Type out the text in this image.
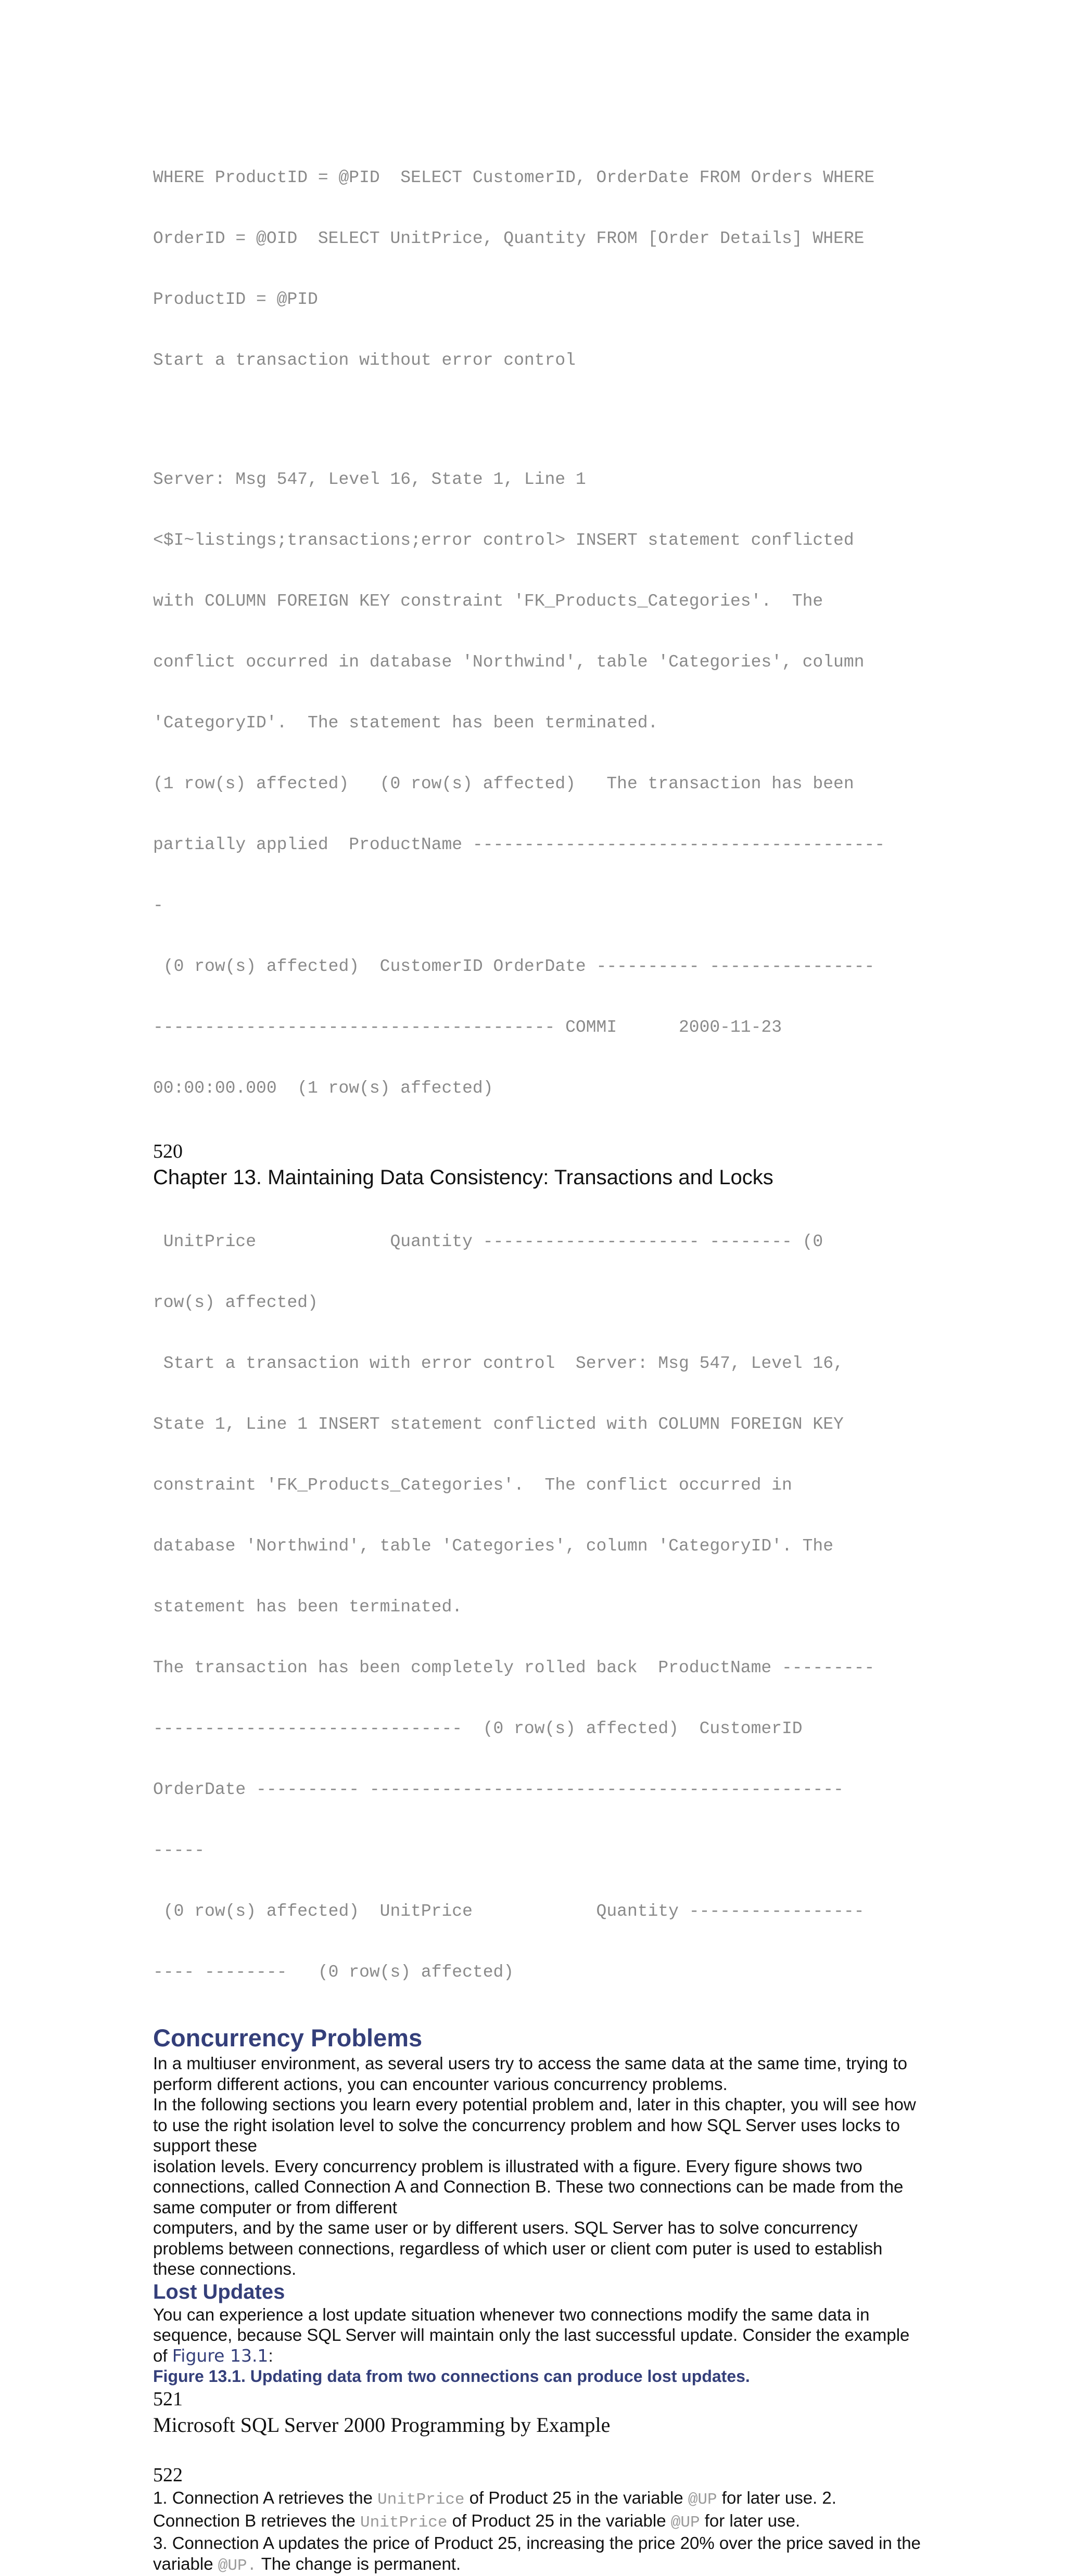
WHERE ProductID = @PID  SELECT CustomerID, OrderDate FROM Orders WHERE

OrderID = @OID  SELECT UnitPrice, Quantity FROM [Order Details] WHERE

ProductID = @PID

Start a transaction without error control

Server: Msg 547, Level 16, State 1, Line 1

<$I~listings;transactions;error control> INSERT statement conflicted

with COLUMN FOREIGN KEY constraint 'FK_Products_Categories'.  The

conflict occurred in database 'Northwind', table 'Categories', column

'CategoryID'.  The statement has been terminated.

(1 row(s) affected)   (0 row(s) affected)   The transaction has been

partially applied  ProductName ----------------------------------------

-

(0 row(s) affected)  CustomerID OrderDate ---------- ----------------

--------------------------------------- COMMI      2000-11-23

00:00:00.000  (1 row(s) affected)

520
Chapter 13. Maintaining Data Consistency: Transactions and Locks

UnitPrice             Quantity --------------------- -------- (0

row(s) affected)

Start a transaction with error control  Server: Msg 547, Level 16,

State 1, Line 1 INSERT statement conflicted with COLUMN FOREIGN KEY

constraint 'FK_Products_Categories'.  The conflict occurred in

database 'Northwind', table 'Categories', column 'CategoryID'. The

statement has been terminated.

The transaction has been completely rolled back  ProductName ---------

------------------------------  (0 row(s) affected)  CustomerID

OrderDate ---------- ----------------------------------------------

-----

(0 row(s) affected)  UnitPrice            Quantity -----------------

---- --------   (0 row(s) affected)

Concurrency Problems
In a multiuser environment, as several users try to access the same data at the same time, trying to perform different actions, you can encounter various concurrency problems.
In the following sections you learn every potential problem and, later in this chapter, you will see how to use the right isolation level to solve the concurrency problem and how SQL Server uses locks to support these
isolation levels. Every concurrency problem is illustrated with a figure. Every figure shows two connections, called Connection A and Connection B. These two connections can be made from the same computer or from different
computers, and by the same user or by different users. SQL Server has to solve concurrency problems between connections, regardless of which user or client com puter is used to establish these connections.
Lost Updates
You can experience a lost update situation whenever two connections modify the same data in sequence, because SQL Server will maintain only the last successful update. Consider the example of Figure 13.1:
Figure 13.1. Updating data from two connections can produce lost updates.
521
Microsoft SQL Server 2000 Programming by Example
522
1. Connection A retrieves the UnitPrice of Product 25 in the variable @UP for later use. 2.
Connection B retrieves the UnitPrice of Product 25 in the variable @UP for later use.
3. Connection A updates the price of Product 25, increasing the price 20% over the price saved in the variable @UP. The change is permanent.
